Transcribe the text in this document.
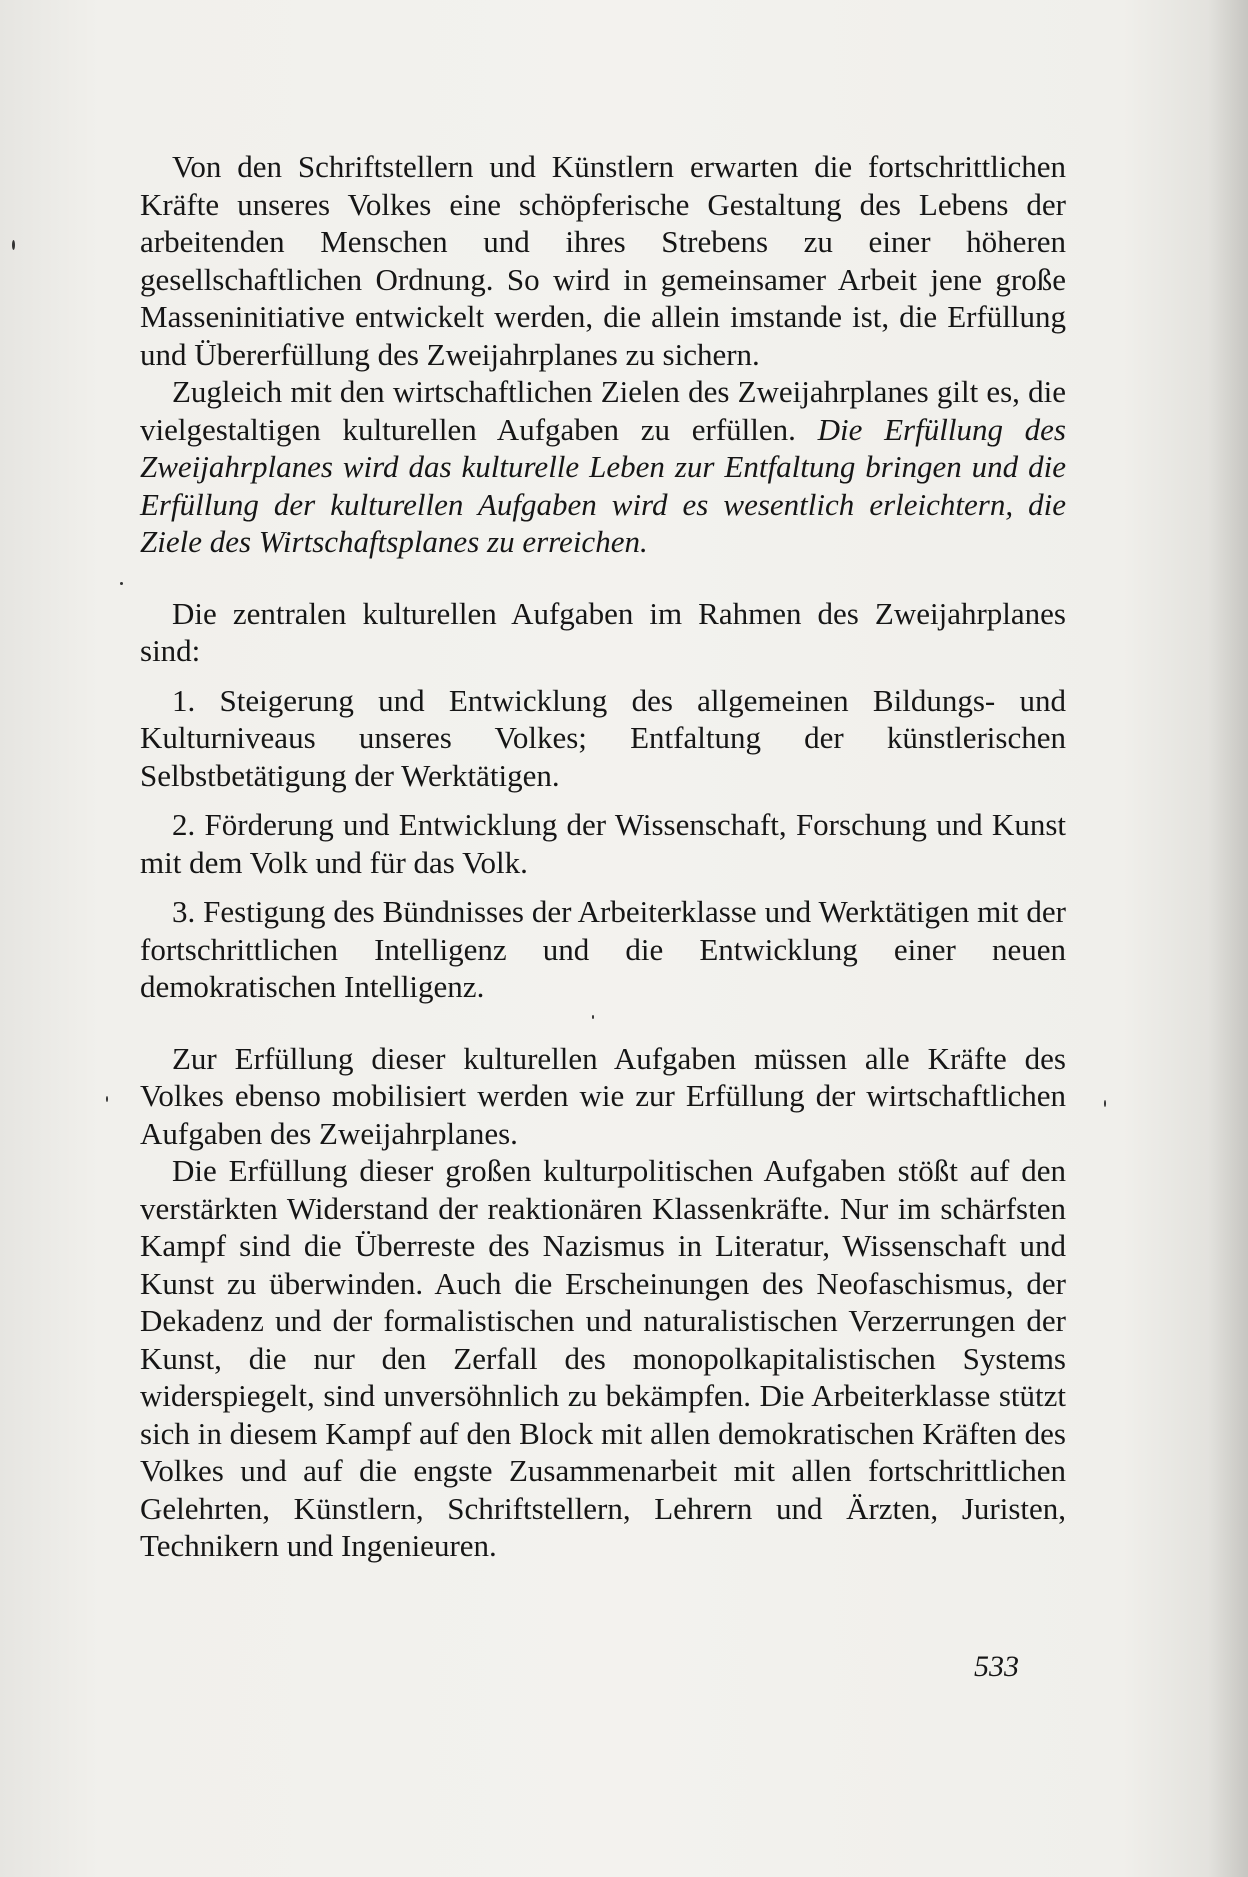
Von den Schriftstellern und Künstlern erwarten die fortschrittlichen Kräfte unseres Volkes eine schöpferische Gestaltung des Lebens der arbeitenden Menschen und ihres Strebens zu einer höheren gesellschaftlichen Ordnung. So wird in gemeinsamer Arbeit jene große Masseninitiative entwickelt werden, die allein imstande ist, die Erfüllung und Übererfüllung des Zweijahrplanes zu sichern.

Zugleich mit den wirtschaftlichen Zielen des Zweijahrplanes gilt es, die vielgestaltigen kulturellen Aufgaben zu erfüllen. Die Erfüllung des Zweijahrplanes wird das kulturelle Leben zur Entfaltung bringen und die Erfüllung der kulturellen Aufgaben wird es wesentlich erleichtern, die Ziele des Wirtschaftsplanes zu erreichen.

Die zentralen kulturellen Aufgaben im Rahmen des Zweijahrplanes sind:

1. Steigerung und Entwicklung des allgemeinen Bildungs- und Kulturniveaus unseres Volkes; Entfaltung der künstlerischen Selbstbetätigung der Werktätigen.

2. Förderung und Entwicklung der Wissenschaft, Forschung und Kunst mit dem Volk und für das Volk.

3. Festigung des Bündnisses der Arbeiterklasse und Werktätigen mit der fortschrittlichen Intelligenz und die Entwicklung einer neuen demokratischen Intelligenz.

Zur Erfüllung dieser kulturellen Aufgaben müssen alle Kräfte des Volkes ebenso mobilisiert werden wie zur Erfüllung der wirtschaftlichen Aufgaben des Zweijahrplanes.

Die Erfüllung dieser großen kulturpolitischen Aufgaben stößt auf den verstärkten Widerstand der reaktionären Klassenkräfte. Nur im schärfsten Kampf sind die Überreste des Nazismus in Literatur, Wissenschaft und Kunst zu überwinden. Auch die Erscheinungen des Neofaschismus, der Dekadenz und der formalistischen und naturalistischen Verzerrungen der Kunst, die nur den Zerfall des monopolkapitalistischen Systems widerspiegelt, sind unversöhnlich zu bekämpfen. Die Arbeiterklasse stützt sich in diesem Kampf auf den Block mit allen demokratischen Kräften des Volkes und auf die engste Zusammenarbeit mit allen fortschrittlichen Gelehrten, Künstlern, Schriftstellern, Lehrern und Ärzten, Juristen, Technikern und Ingenieuren.

533
